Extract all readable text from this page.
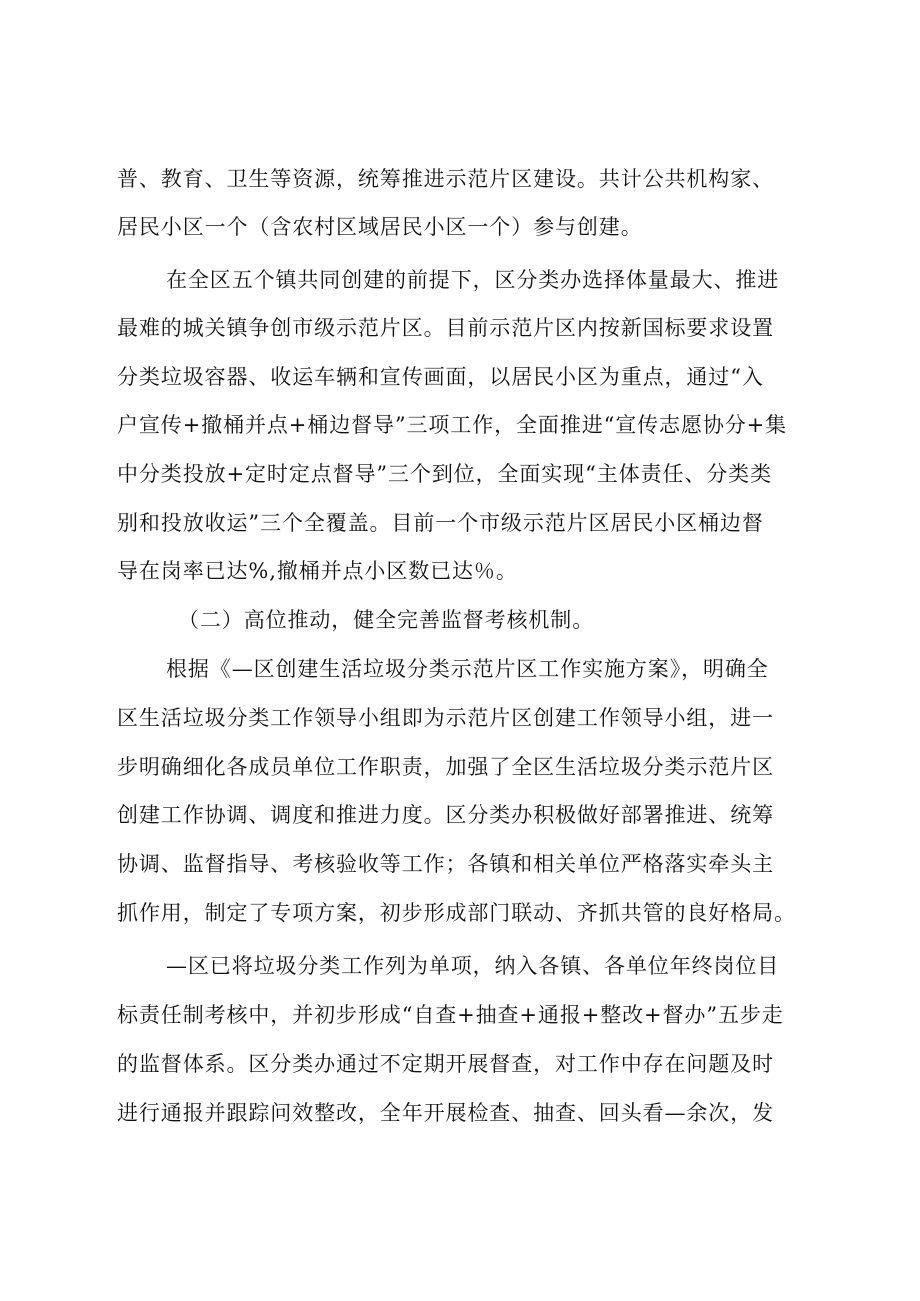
普、教育、卫生等资源，统筹推进示范片区建设。共计公共机构家、
居民小区一个（含农村区域居民小区一个）参与创建。
在全区五个镇共同创建的前提下，区分类办选择体量最大、推进
最难的城关镇争创市级示范片区。目前示范片区内按新国标要求设置
分类垃圾容器、收运车辆和宣传画面，以居民小区为重点，通过“入
户宣传+撤桶并点+桶边督导”三项工作，全面推进“宣传志愿协分+集
中分类投放+定时定点督导”三个到位，全面实现“主体责任、分类类
别和投放收运”三个全覆盖。目前一个市级示范片区居民小区桶边督
导在岗率已达%,撤桶并点小区数已达％。
（二）高位推动，健全完善监督考核机制。
根据《—区创建生活垃圾分类示范片区工作实施方案》，明确全
区生活垃圾分类工作领导小组即为示范片区创建工作领导小组，进一
步明确细化各成员单位工作职责，加强了全区生活垃圾分类示范片区
创建工作协调、调度和推进力度。区分类办积极做好部署推进、统筹
协调、监督指导、考核验收等工作；各镇和相关单位严格落实牵头主
抓作用，制定了专项方案，初步形成部门联动、齐抓共管的良好格局。
—区已将垃圾分类工作列为单项，纳入各镇、各单位年终岗位目
标责任制考核中，并初步形成“自查+抽查+通报+整改+督办”五步走
的监督体系。区分类办通过不定期开展督查，对工作中存在问题及时
进行通报并跟踪问效整改，全年开展检查、抽查、回头看—余次，发
